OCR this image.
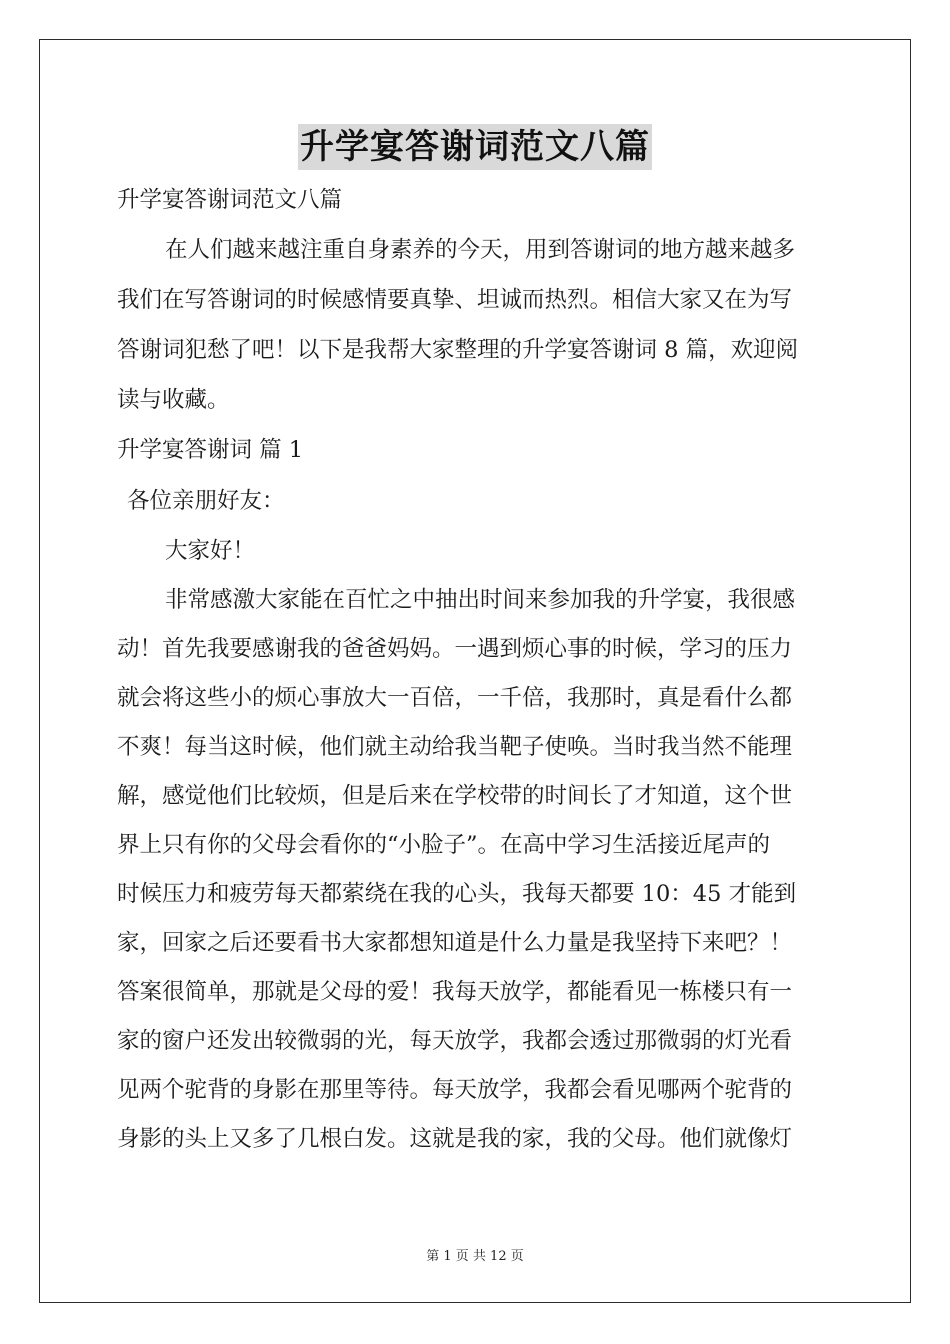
升学宴答谢词范文八篇
升学宴答谢词范文八篇
在人们越来越注重自身素养的今天，用到答谢词的地方越来越多
我们在写答谢词的时候感情要真挚、坦诚而热烈。相信大家又在为写
答谢词犯愁了吧！以下是我帮大家整理的升学宴答谢词 8 篇，欢迎阅
读与收藏。
升学宴答谢词 篇 1
各位亲朋好友：
大家好！
非常感激大家能在百忙之中抽出时间来参加我的升学宴，我很感
动！首先我要感谢我的爸爸妈妈。一遇到烦心事的时候，学习的压力
就会将这些小的烦心事放大一百倍，一千倍，我那时，真是看什么都
不爽！每当这时候，他们就主动给我当靶子使唤。当时我当然不能理
解，感觉他们比较烦，但是后来在学校带的时间长了才知道，这个世
界上只有你的父母会看你的“小脸子”。在高中学习生活接近尾声的
时候压力和疲劳每天都萦绕在我的心头，我每天都要 10：45 才能到
家，回家之后还要看书大家都想知道是什么力量是我坚持下来吧？！
答案很简单，那就是父母的爱！我每天放学，都能看见一栋楼只有一
家的窗户还发出较微弱的光，每天放学，我都会透过那微弱的灯光看
见两个驼背的身影在那里等待。每天放学，我都会看见哪两个驼背的
身影的头上又多了几根白发。这就是我的家，我的父母。他们就像灯
第 1 页 共 12 页
